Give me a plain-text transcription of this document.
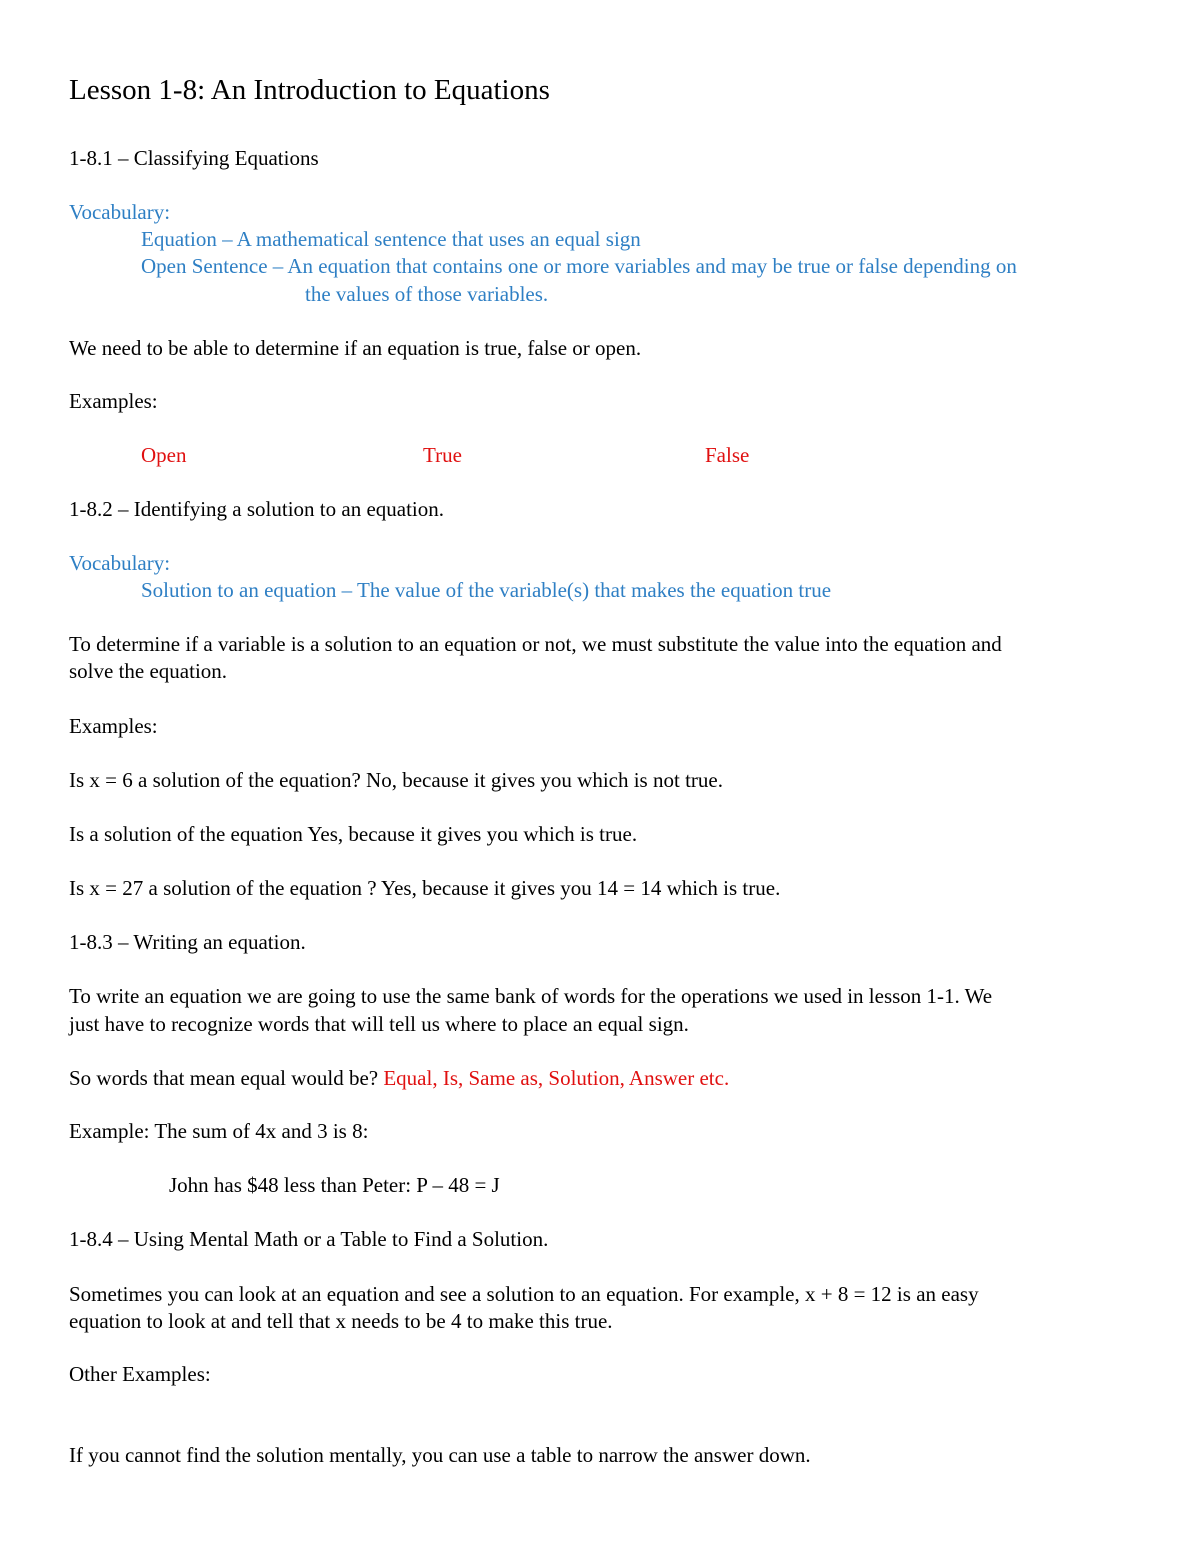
Lesson 1-8: An Introduction to Equations
1-8.1 – Classifying Equations
Vocabulary:
Equation – A mathematical sentence that uses an equal sign
Open Sentence – An equation that contains one or more variables and may be true or false depending on
the values of those variables.
We need to be able to determine if an equation is true, false or open.
Examples:
Open	True	False
1-8.2 – Identifying a solution to an equation.
Vocabulary:
Solution to an equation – The value of the variable(s) that makes the equation true
To determine if a variable is a solution to an equation or not, we must substitute the value into the equation and
solve the equation.
Examples:
Is x = 6 a solution of the equation? No, because it gives you which is not true.
Is a solution of the equation Yes, because it gives you which is true.
Is x = 27 a solution of the equation ? Yes, because it gives you 14 = 14 which is true.
1-8.3 – Writing an equation.
To write an equation we are going to use the same bank of words for the operations we used in lesson 1-1. We
just have to recognize words that will tell us where to place an equal sign.
So words that mean equal would be? Equal, Is, Same as, Solution, Answer etc.
Example: The sum of 4x and 3 is 8:
John has $48 less than Peter: P – 48 = J
1-8.4 – Using Mental Math or a Table to Find a Solution.
Sometimes you can look at an equation and see a solution to an equation. For example, x + 8 = 12 is an easy
equation to look at and tell that x needs to be 4 to make this true.
Other Examples:
If you cannot find the solution mentally, you can use a table to narrow the answer down.
